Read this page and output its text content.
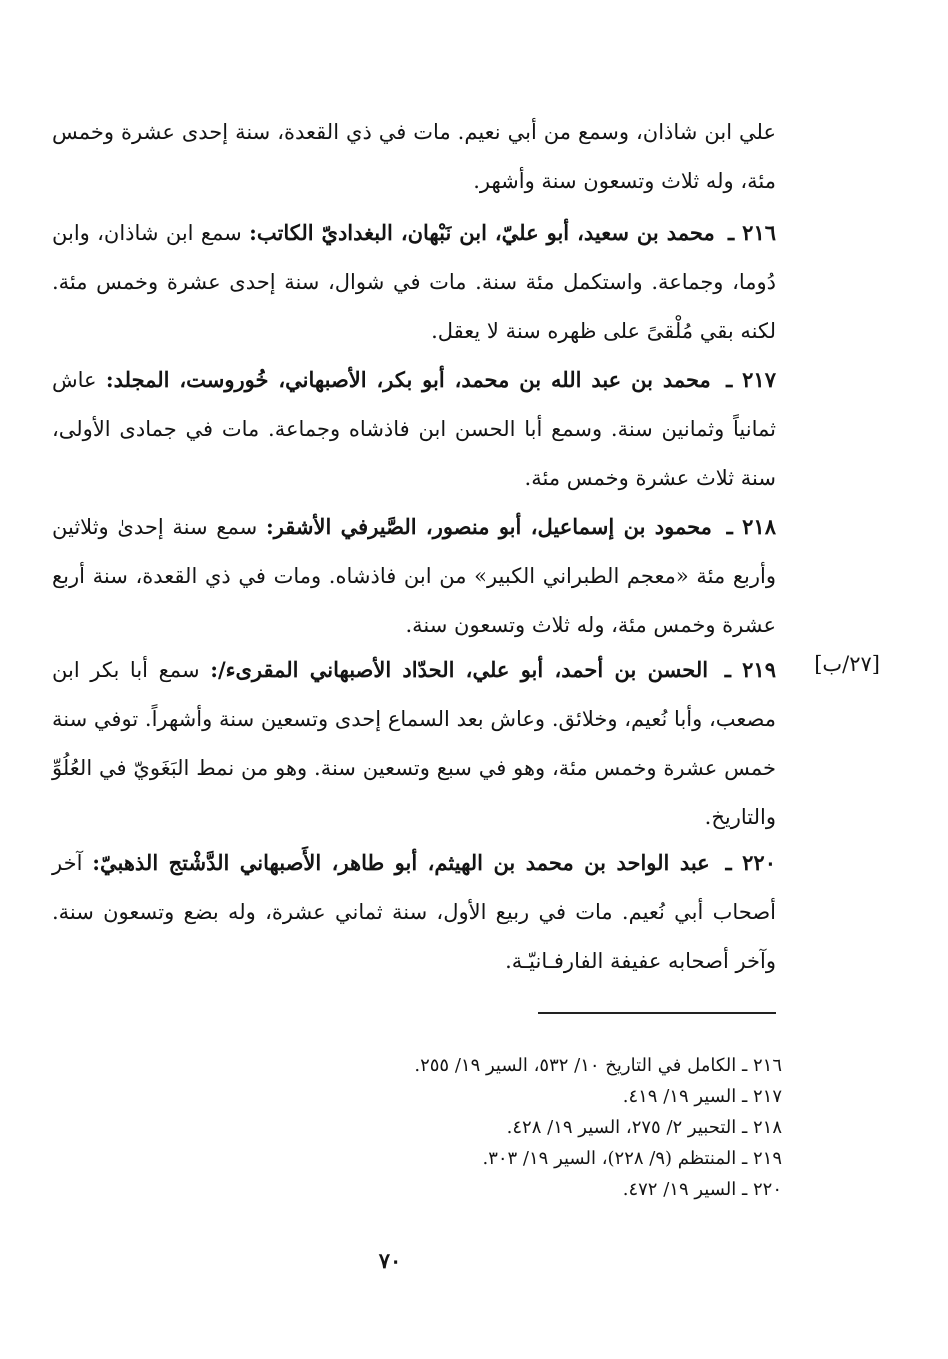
علي ابن شاذان، وسمع من أبي نعيم. مات في ذي القعدة، سنة إحدى عشرة وخمس مئة، وله ثلاث وتسعون سنة وأشهر.
٢١٦ ـ محمد بن سعيد، أبو عليّ، ابن نَبْهان، البغداديّ الكاتب: سمع ابن شاذان، وابن دُوما، وجماعة. واستكمل مئة سنة. مات في شوال، سنة إحدى عشرة وخمس مئة. لكنه بقي مُلْقىً على ظهره سنة لا يعقل.
٢١٧ ـ محمد بن عبد الله بن محمد، أبو بكر، الأصبهاني، خُوروست، المجلد: عاش ثمانياً وثمانين سنة. وسمع أبا الحسن ابن فاذشاه وجماعة. مات في جمادى الأولى، سنة ثلاث عشرة وخمس مئة.
٢١٨ ـ محمود بن إسماعيل، أبو منصور، الصَّيرفي الأشقر: سمع سنة إحدىٰ وثلاثين وأربع مئة «معجم الطبراني الكبير» من ابن فاذشاه. ومات في ذي القعدة، سنة أربع عشرة وخمس مئة، وله ثلاث وتسعون سنة.
[٢٧/ب]
٢١٩ ـ الحسن بن أحمد، أبو علي، الحدّاد الأصبهاني المقرىء/: سمع أبا بكر ابن مصعب، وأبا نُعيم، وخلائق. وعاش بعد السماع إحدى وتسعين سنة وأشهراً. توفي سنة خمس عشرة وخمس مئة، وهو في سبع وتسعين سنة. وهو من نمط البَغَويّ في العُلُوِّ والتاريخ.
٢٢٠ ـ عبد الواحد بن محمد بن الهيثم، أبو طاهر، الأَصبهاني الدَّشْتج الذهبيّ: آخر أصحاب أبي نُعيم. مات في ربيع الأول، سنة ثماني عشرة، وله بضع وتسعون سنة. وآخر أصحابه عفيفة الفارفـانيّـة.
٢١٦ ـ الكامل في التاريخ ١٠/ ٥٣٢، السير ١٩/ ٢٥٥.
٢١٧ ـ السير ١٩/ ٤١٩.
٢١٨ ـ التحبير ٢/ ٢٧٥، السير ١٩/ ٤٢٨.
٢١٩ ـ المنتظم (٩/ ٢٢٨)، السير ١٩/ ٣٠٣.
٢٢٠ ـ السير ١٩/ ٤٧٢.
٧٠
